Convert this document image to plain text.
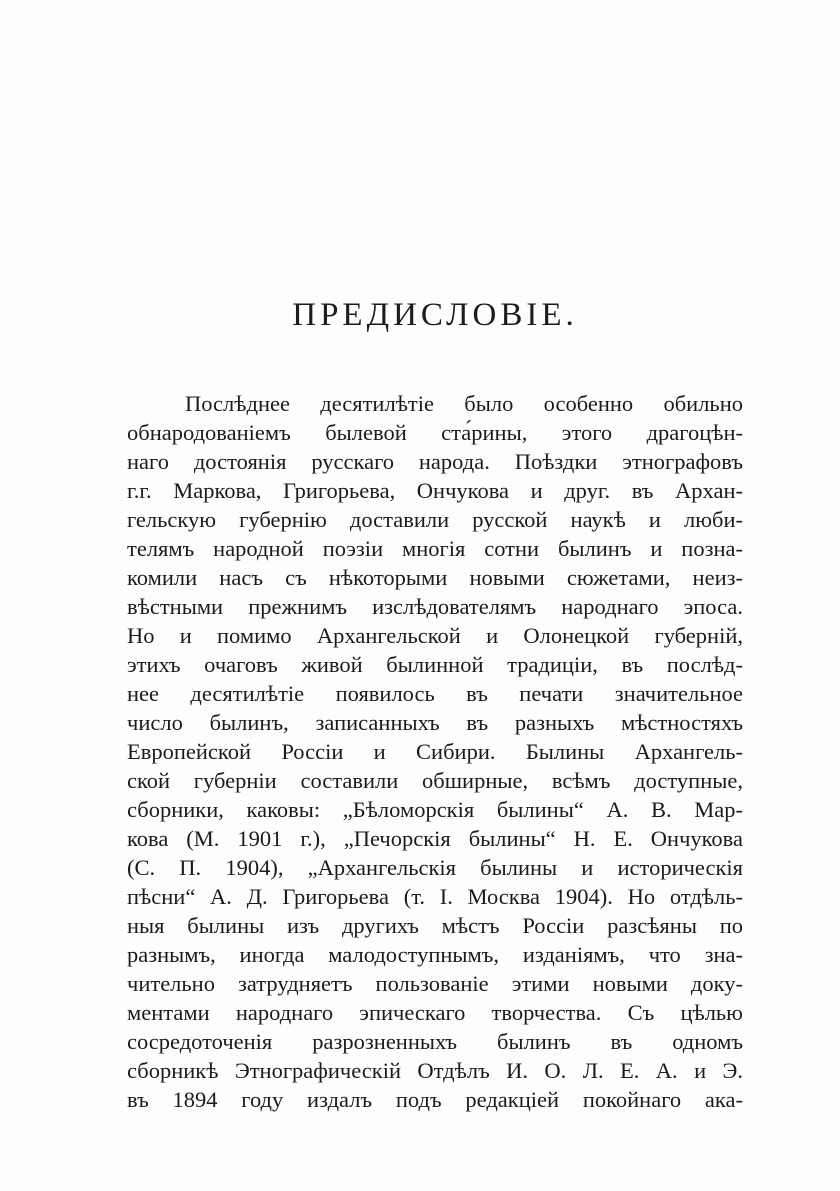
ПРЕДИСЛОВІЕ.
Послѣднее десятилѣтіе было особенно обильно
обнародованіемъ былевой ста́рины, этого драгоцѣн-
наго достоянія русскаго народа. Поѣздки этнографовъ
г.г. Маркова, Григорьева, Ончукова и друг. въ Архан-
гельскую губернію доставили русской наукѣ и люби-
телямъ народной поэзіи многія сотни былинъ и позна-
комили насъ съ нѣкоторыми новыми сюжетами, неиз-
вѣстными прежнимъ изслѣдователямъ народнаго эпоса.
Но и помимо Архангельской и Олонецкой губерній,
этихъ очаговъ живой былинной традиціи, въ послѣд-
нее десятилѣтіе появилось въ печати значительное
число былинъ, записанныхъ въ разныхъ мѣстностяхъ
Европейской Россіи и Сибири. Былины Архангель-
ской губерніи составили обширные, всѣмъ доступные,
сборники, каковы: „Бѣломорскія былины“ А. В. Мар-
кова (М. 1901 г.), „Печорскія былины“ Н. Е. Ончукова
(С. П. 1904), „Архангельскія былины и историческія
пѣсни“ А. Д. Григорьева (т. I. Москва 1904). Но отдѣль-
ныя былины изъ другихъ мѣстъ Россіи разсѣяны по
разнымъ, иногда малодоступнымъ, изданіямъ, что зна-
чительно затрудняетъ пользованіе этими новыми доку-
ментами народнаго эпическаго творчества. Съ цѣлью
сосредоточенія разрозненныхъ былинъ въ одномъ
сборникѣ Этнографическій Отдѣлъ И. О. Л. Е. А. и Э.
въ 1894 году издалъ подъ редакціей покойнаго ака-
